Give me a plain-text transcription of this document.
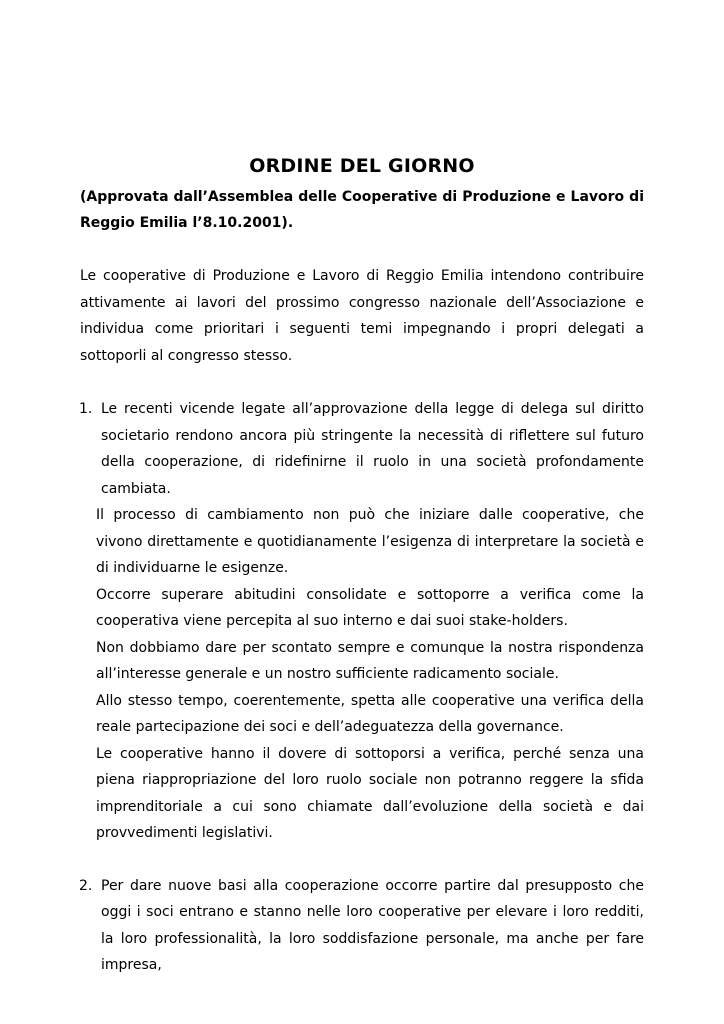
ORDINE DEL GIORNO

(Approvata dall’Assemblea delle Cooperative di Produzione e Lavoro di Reggio Emilia l’8.10.2001).

Le cooperative di Produzione e Lavoro di Reggio Emilia intendono contribuire attivamente ai lavori del prossimo congresso nazionale dell’Associazione e individua come prioritari i seguenti temi impegnando i propri delegati a sottoporli al congresso stesso.

1. Le recenti vicende legate all’approvazione della legge di delega sul diritto societario rendono ancora più stringente la necessità di riflettere sul futuro della cooperazione, di ridefinirne il ruolo in una società profondamente cambiata.

Il processo di cambiamento non può che iniziare dalle cooperative, che vivono direttamente e quotidianamente l’esigenza di interpretare la società e di individuarne le esigenze.

Occorre superare abitudini consolidate e sottoporre a verifica come la cooperativa viene percepita al suo interno e dai suoi stake-holders.

Non dobbiamo dare per scontato sempre e comunque la nostra rispondenza all’interesse generale e un nostro sufficiente radicamento sociale.

Allo stesso tempo, coerentemente, spetta alle cooperative una verifica della reale partecipazione dei soci e dell’adeguatezza della governance.

Le cooperative hanno il dovere di sottoporsi a verifica, perché senza una piena riappropriazione del loro ruolo sociale non potranno reggere la sfida imprenditoriale a cui sono chiamate dall’evoluzione della società e dai provvedimenti legislativi.

2. Per dare nuove basi alla cooperazione occorre partire dal presupposto che oggi i soci entrano e stanno nelle loro cooperative per elevare i loro redditi, la loro professionalità, la loro soddisfazione personale, ma anche per fare impresa,
